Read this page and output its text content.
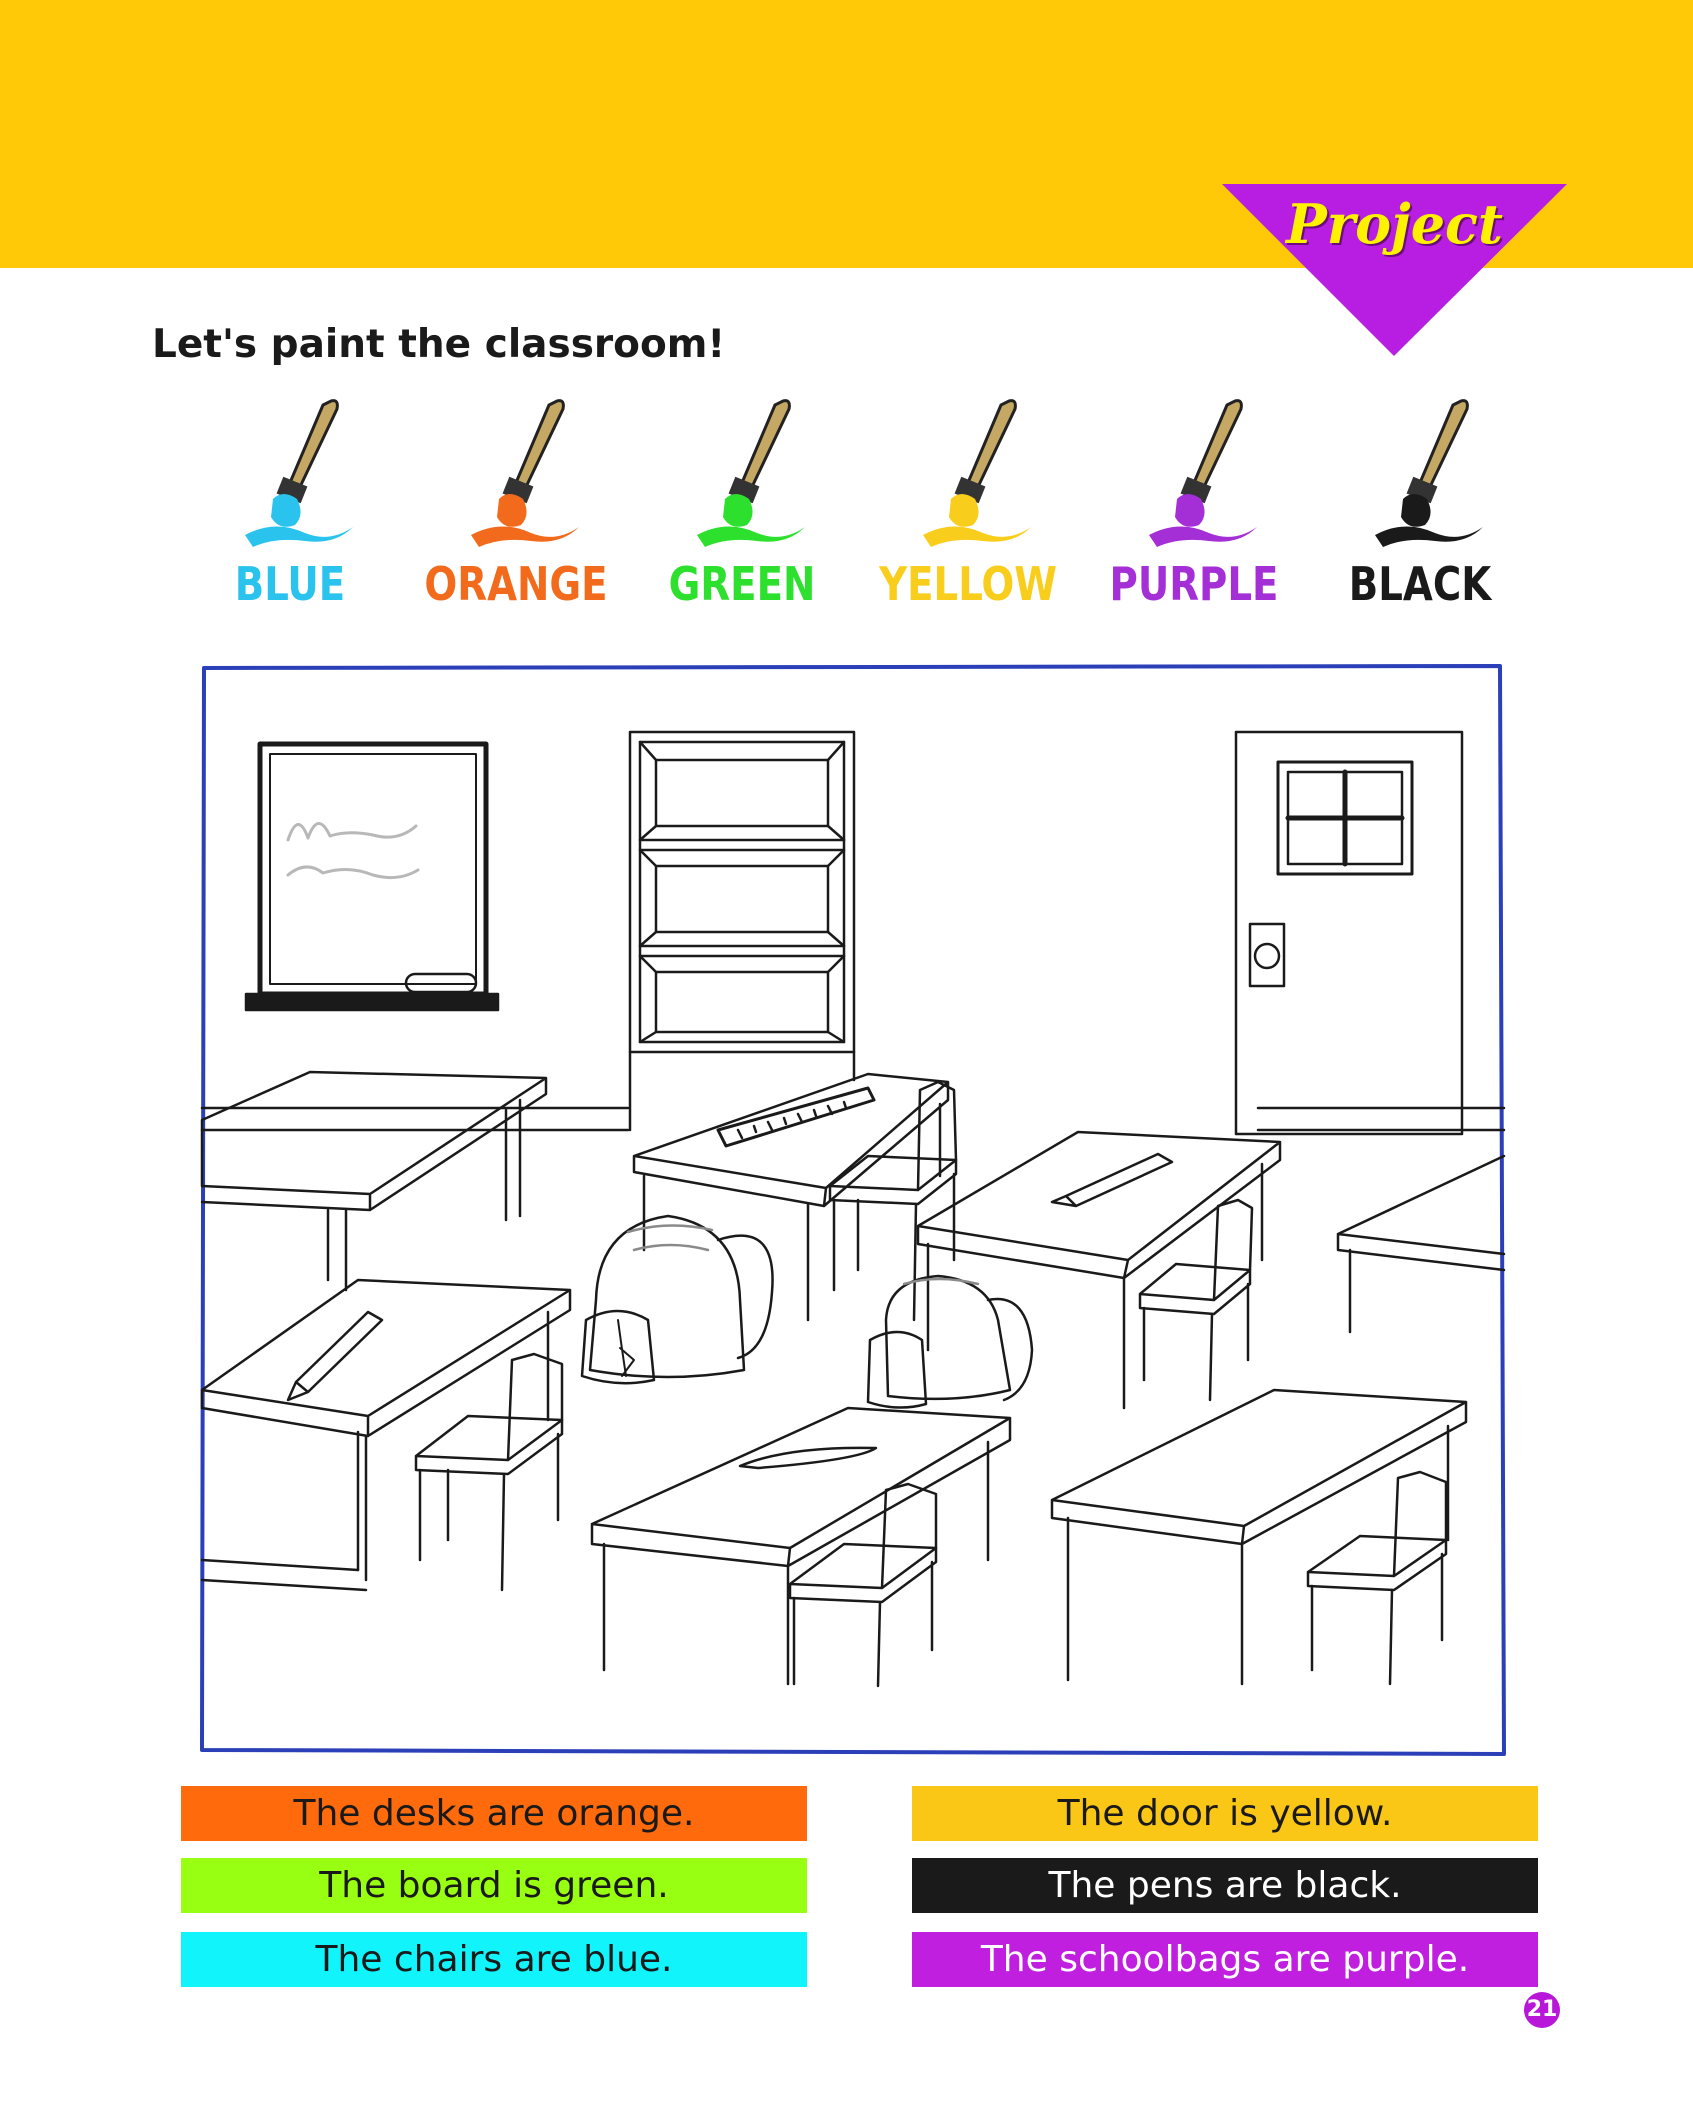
Project
Let's paint the classroom!
BLUE	ORANGE	GREEN	YELLOW PURPLE	BLACK
The desks are orange.
The board is green.
The chairs are blue.
The door is yellow.
The pens are black.
The schoolbags are purple.
21
